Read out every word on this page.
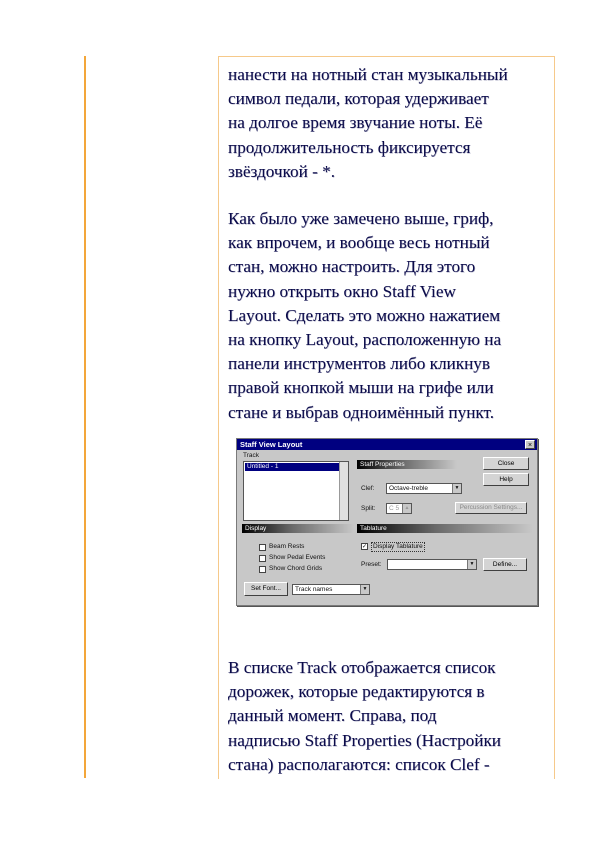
нанести на нотный стан музыкальный
символ педали, которая удерживает
на долгое время звучание ноты. Её
продолжительность фиксируется
звёздочкой - *.

Как было уже замечено выше, гриф,
как впрочем, и вообще весь нотный
стан, можно настроить. Для этого
нужно открыть окно Staff View
Layout. Сделать это можно нажатием
на кнопку Layout, расположенную на
панели инструментов либо кликнув
правой кнопкой мыши на грифе или
стане и выбрав одноимённый пункт.

Staff View Layout	×
Track
Untitled - 1	Staff Properties
Clef:	Octave-treble	▼
Split:	C 5	▲	Percussion Settings...
Close
Help
Display	Tablature
Beam Rests
Show Pedal Events
Show Chord Grids
✓ Display Tablature
Preset:	▼	Define...
Set Font...	Track names	▼

В списке Track отображается список
дорожек, которые редактируются в
данный момент. Справа, под
надписью Staff Properties (Настройки
стана) располагаются: список Clef -
